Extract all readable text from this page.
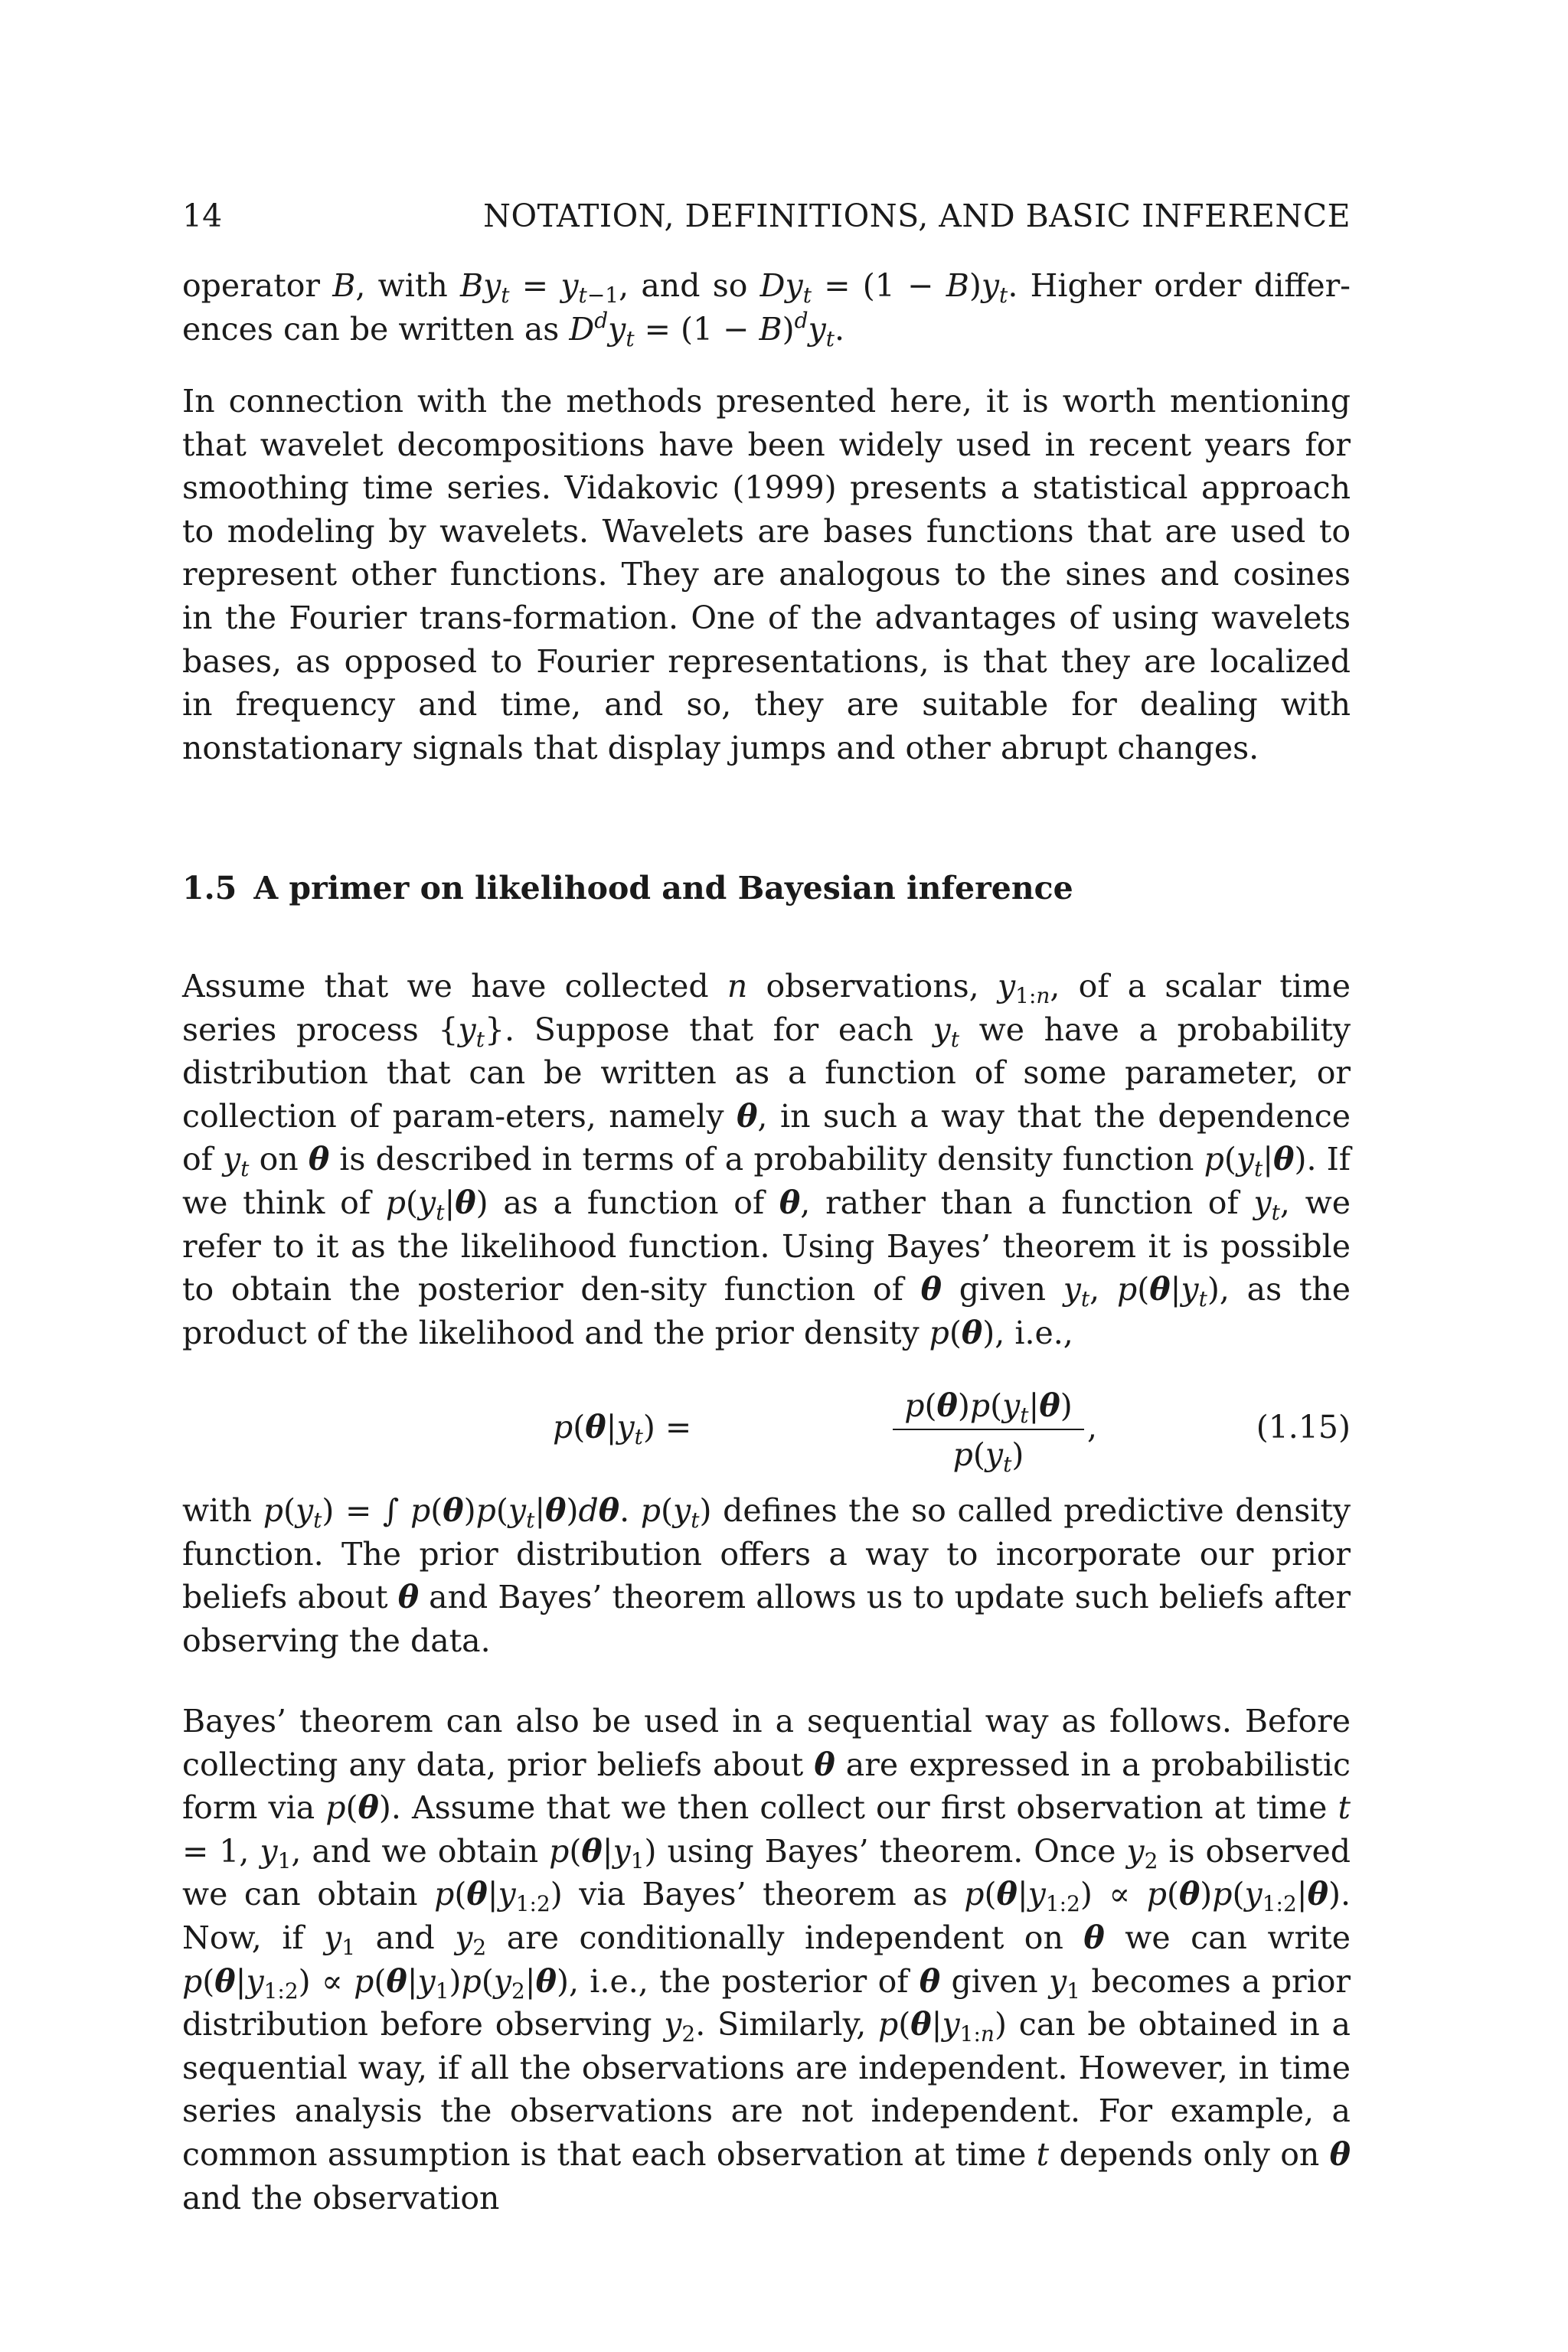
14	NOTATION, DEFINITIONS, AND BASIC INFERENCE

operator B, with $By_t = y_{t-1}$, and so $Dy_t = (1 - B)y_t$. Higher order differ-ences can be written as $D^dy_t = (1 - B)^dy_t$.

In connection with the methods presented here, it is worth mentioning that wavelet decompositions have been widely used in recent years for smoothing time series. Vidakovic (1999) presents a statistical approach to modeling by wavelets. Wavelets are bases functions that are used to represent other functions. They are analogous to the sines and cosines in the Fourier trans-formation. One of the advantages of using wavelets bases, as opposed to Fourier representations, is that they are localized in frequency and time, and so, they are suitable for dealing with nonstationary signals that display jumps and other abrupt changes.

1.5 A primer on likelihood and Bayesian inference

Assume that we have collected n observations, $y_{1:n}$, of a scalar time series process $\{y_t\}$. Suppose that for each $y_t$ we have a probability distribution that can be written as a function of some parameter, or collection of param-eters, namely θ, in such a way that the dependence of $y_t$ on θ is described in terms of a probability density function $p(y_t|\theta)$. If we think of $p(y_t|\theta)$ as a function of θ, rather than a function of $y_t$, we refer to it as the likelihood function. Using Bayes’ theorem it is possible to obtain the posterior den-sity function of θ given $y_t$, $p(\theta|y_t)$, as the product of the likelihood and the prior density p(θ), i.e.,

$p(\theta|y_t)$ =
$p(\theta)p(y_t|\theta)$
$p(y_t)$
,	(1.15)

with $p(y_t)$ = ∫ $p(\theta)p(y_t|\theta)d\theta$. $p(y_t)$ defines the so called predictive density function. The prior distribution offers a way to incorporate our prior beliefs about θ and Bayes’ theorem allows us to update such beliefs after observing the data.

Bayes’ theorem can also be used in a sequential way as follows. Before collecting any data, prior beliefs about θ are expressed in a probabilistic form via p(θ). Assume that we then collect our first observation at time t = 1, $y_1$, and we obtain $p(\theta|y_1)$ using Bayes’ theorem. Once $y_2$ is observed we can obtain $p(\theta|y_{1:2})$ via Bayes’ theorem as $p(\theta|y_{1:2}) \propto p(\theta)p(y_{1:2}|\theta)$. Now, if $y_1$ and $y_2$ are conditionally independent on θ we can write $p(\theta|y_{1:2}) \propto p(\theta|y_1)p(y_2|\theta)$, i.e., the posterior of θ given $y_1$ becomes a prior distribution before observing $y_2$. Similarly, $p(\theta|y_{1:n})$ can be obtained in a sequential way, if all the observations are independent. However, in time series analysis the observations are not independent. For example, a common assumption is that each observation at time t depends only on θ and the observation
